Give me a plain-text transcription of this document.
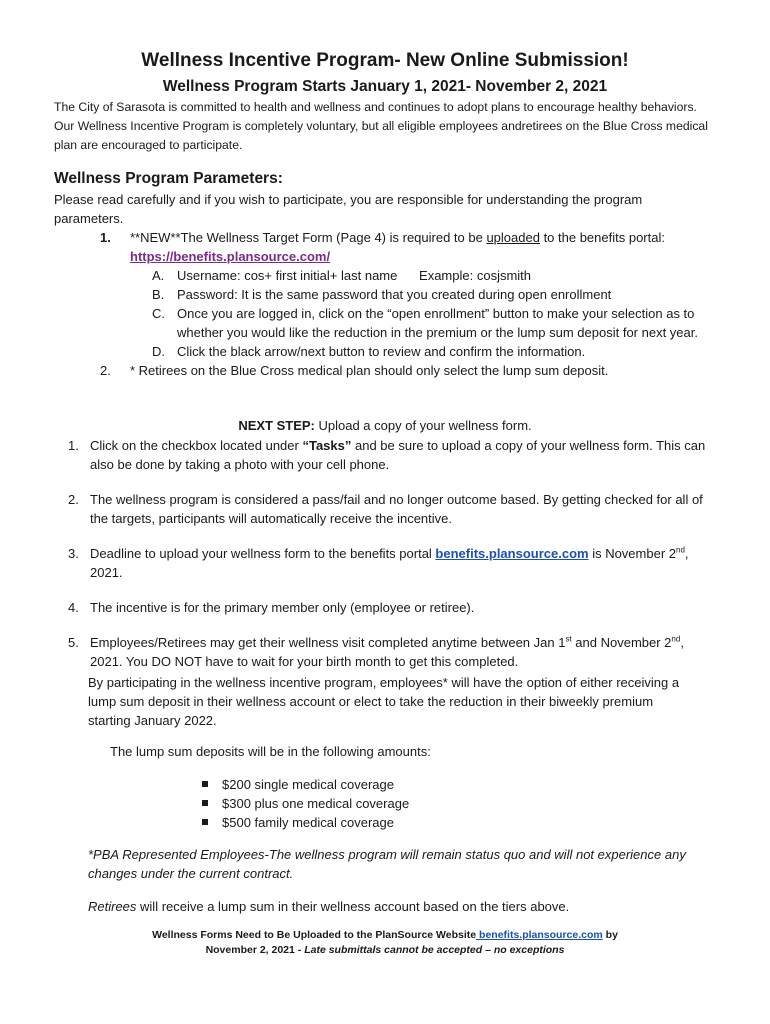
Wellness Incentive Program- New Online Submission!
Wellness Program Starts January 1, 2021- November 2, 2021

The City of Sarasota is committed to health and wellness and continues to adopt plans to encourage healthy behaviors. Our Wellness Incentive Program is completely voluntary, but all eligible employees andretirees on the Blue Cross medical plan are encouraged to participate.

Wellness Program Parameters:

Please read carefully and if you wish to participate, you are responsible for understanding the program parameters.

1. **NEW**The Wellness Target Form (Page 4) is required to be uploaded to the benefits portal: https://benefits.plansource.com/
A. Username: cos+ first initial+ last name      Example: cosjsmith
B. Password: It is the same password that you created during open enrollment
C. Once you are logged in, click on the “open enrollment” button to make your selection as to whether you would like the reduction in the premium or the lump sum deposit for next year.
D. Click the black arrow/next button to review and confirm the information.
2. * Retirees on the Blue Cross medical plan should only select the lump sum deposit.
NEXT STEP: Upload a copy of your wellness form.
1. Click on the checkbox located under “Tasks” and be sure to upload a copy of your wellness form. This can also be done by taking a photo with your cell phone.
2. The wellness program is considered a pass/fail and no longer outcome based. By getting checked for all of the targets, participants will automatically receive the incentive.
3. Deadline to upload your wellness form to the benefits portal benefits.plansource.com is November 2nd, 2021.
4. The incentive is for the primary member only (employee or retiree).
5. Employees/Retirees may get their wellness visit completed anytime between Jan 1st and November 2nd, 2021. You DO NOT have to wait for your birth month to get this completed.

By participating in the wellness incentive program, employees* will have the option of either receiving a lump sum deposit in their wellness account or elect to take the reduction in their biweekly premium starting January 2022.

The lump sum deposits will be in the following amounts:

$200 single medical coverage
$300 plus one medical coverage
$500 family medical coverage

*PBA Represented Employees-The wellness program will remain status quo and will not experience any changes under the current contract.

Retirees will receive a lump sum in their wellness account based on the tiers above.

Wellness Forms Need to Be Uploaded to the PlanSource Website benefits.plansource.com by
November 2, 2021 - Late submittals cannot be accepted – no exceptions
